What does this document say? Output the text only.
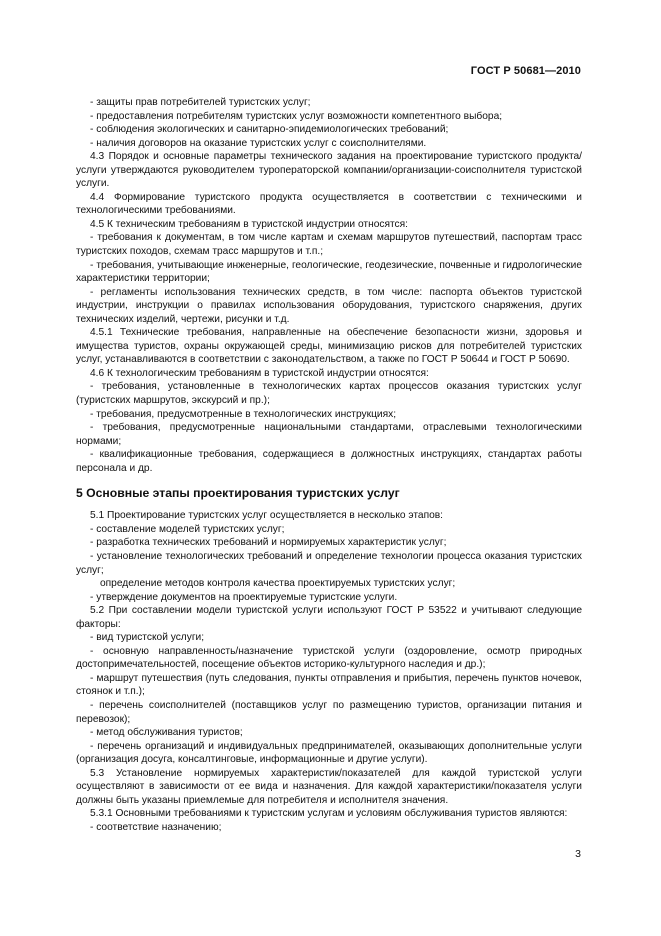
ГОСТ Р 50681—2010

- защиты прав потребителей туристских услуг;

- предоставления потребителям туристских услуг возможности компетентного выбора;

- соблюдения экологических и санитарно-эпидемиологических требований;

- наличия договоров на оказание туристских услуг с соисполнителями.

4.3 Порядок и основные параметры технического задания на проектирование туристского продукта/услуги утверждаются руководителем туроператорской компании/организации-соисполнителя туристской услуги.

4.4 Формирование туристского продукта осуществляется в соответствии с техническими и технологическими требованиями.

4.5 К техническим требованиям в туристской индустрии относятся:

- требования к документам, в том числе картам и схемам маршрутов путешествий, паспортам трасс туристских походов, схемам трасс маршрутов и т.п.;

- требования, учитывающие инженерные, геологические, геодезические, почвенные и гидрологические характеристики территории;

- регламенты использования технических средств, в том числе: паспорта объектов туристской индустрии, инструкции о правилах использования оборудования, туристского снаряжения, других технических изделий, чертежи, рисунки и т.д.

4.5.1 Технические требования, направленные на обеспечение безопасности жизни, здоровья и имущества туристов, охраны окружающей среды, минимизацию рисков для потребителей туристских услуг, устанавливаются в соответствии с законодательством, а также по ГОСТ Р 50644 и ГОСТ Р 50690.

4.6 К технологическим требованиям в туристской индустрии относятся:

- требования, установленные в технологических картах процессов оказания туристских услуг (туристских маршрутов, экскурсий и пр.);

- требования, предусмотренные в технологических инструкциях;

- требования, предусмотренные национальными стандартами, отраслевыми технологическими нормами;

- квалификационные требования, содержащиеся в должностных инструкциях, стандартах работы персонала и др.

5 Основные этапы проектирования туристских услуг

5.1 Проектирование туристских услуг осуществляется в несколько этапов:

- составление моделей туристских услуг;

- разработка технических требований и нормируемых характеристик услуг;

- установление технологических требований и определение технологии процесса оказания туристских услуг;

определение методов контроля качества проектируемых туристских услуг;

- утверждение документов на проектируемые туристские услуги.

5.2 При составлении модели туристской услуги используют ГОСТ Р 53522 и учитывают следующие факторы:

- вид туристской услуги;

- основную направленность/назначение туристской услуги (оздоровление, осмотр природных достопримечательностей, посещение объектов историко-культурного наследия и др.);

- маршрут путешествия (путь следования, пункты отправления и прибытия, перечень пунктов ночевок, стоянок и т.п.);

- перечень соисполнителей (поставщиков услуг по размещению туристов, организации питания и перевозок);

- метод обслуживания туристов;

- перечень организаций и индивидуальных предпринимателей, оказывающих дополнительные услуги (организация досуга, консалтинговые, информационные и другие услуги).

5.3 Установление нормируемых характеристик/показателей для каждой туристской услуги осуществляют в зависимости от ее вида и назначения. Для каждой характеристики/показателя услуги должны быть указаны приемлемые для потребителя и исполнителя значения.

5.3.1 Основными требованиями к туристским услугам и условиям обслуживания туристов являются:

- соответствие назначению;

3
